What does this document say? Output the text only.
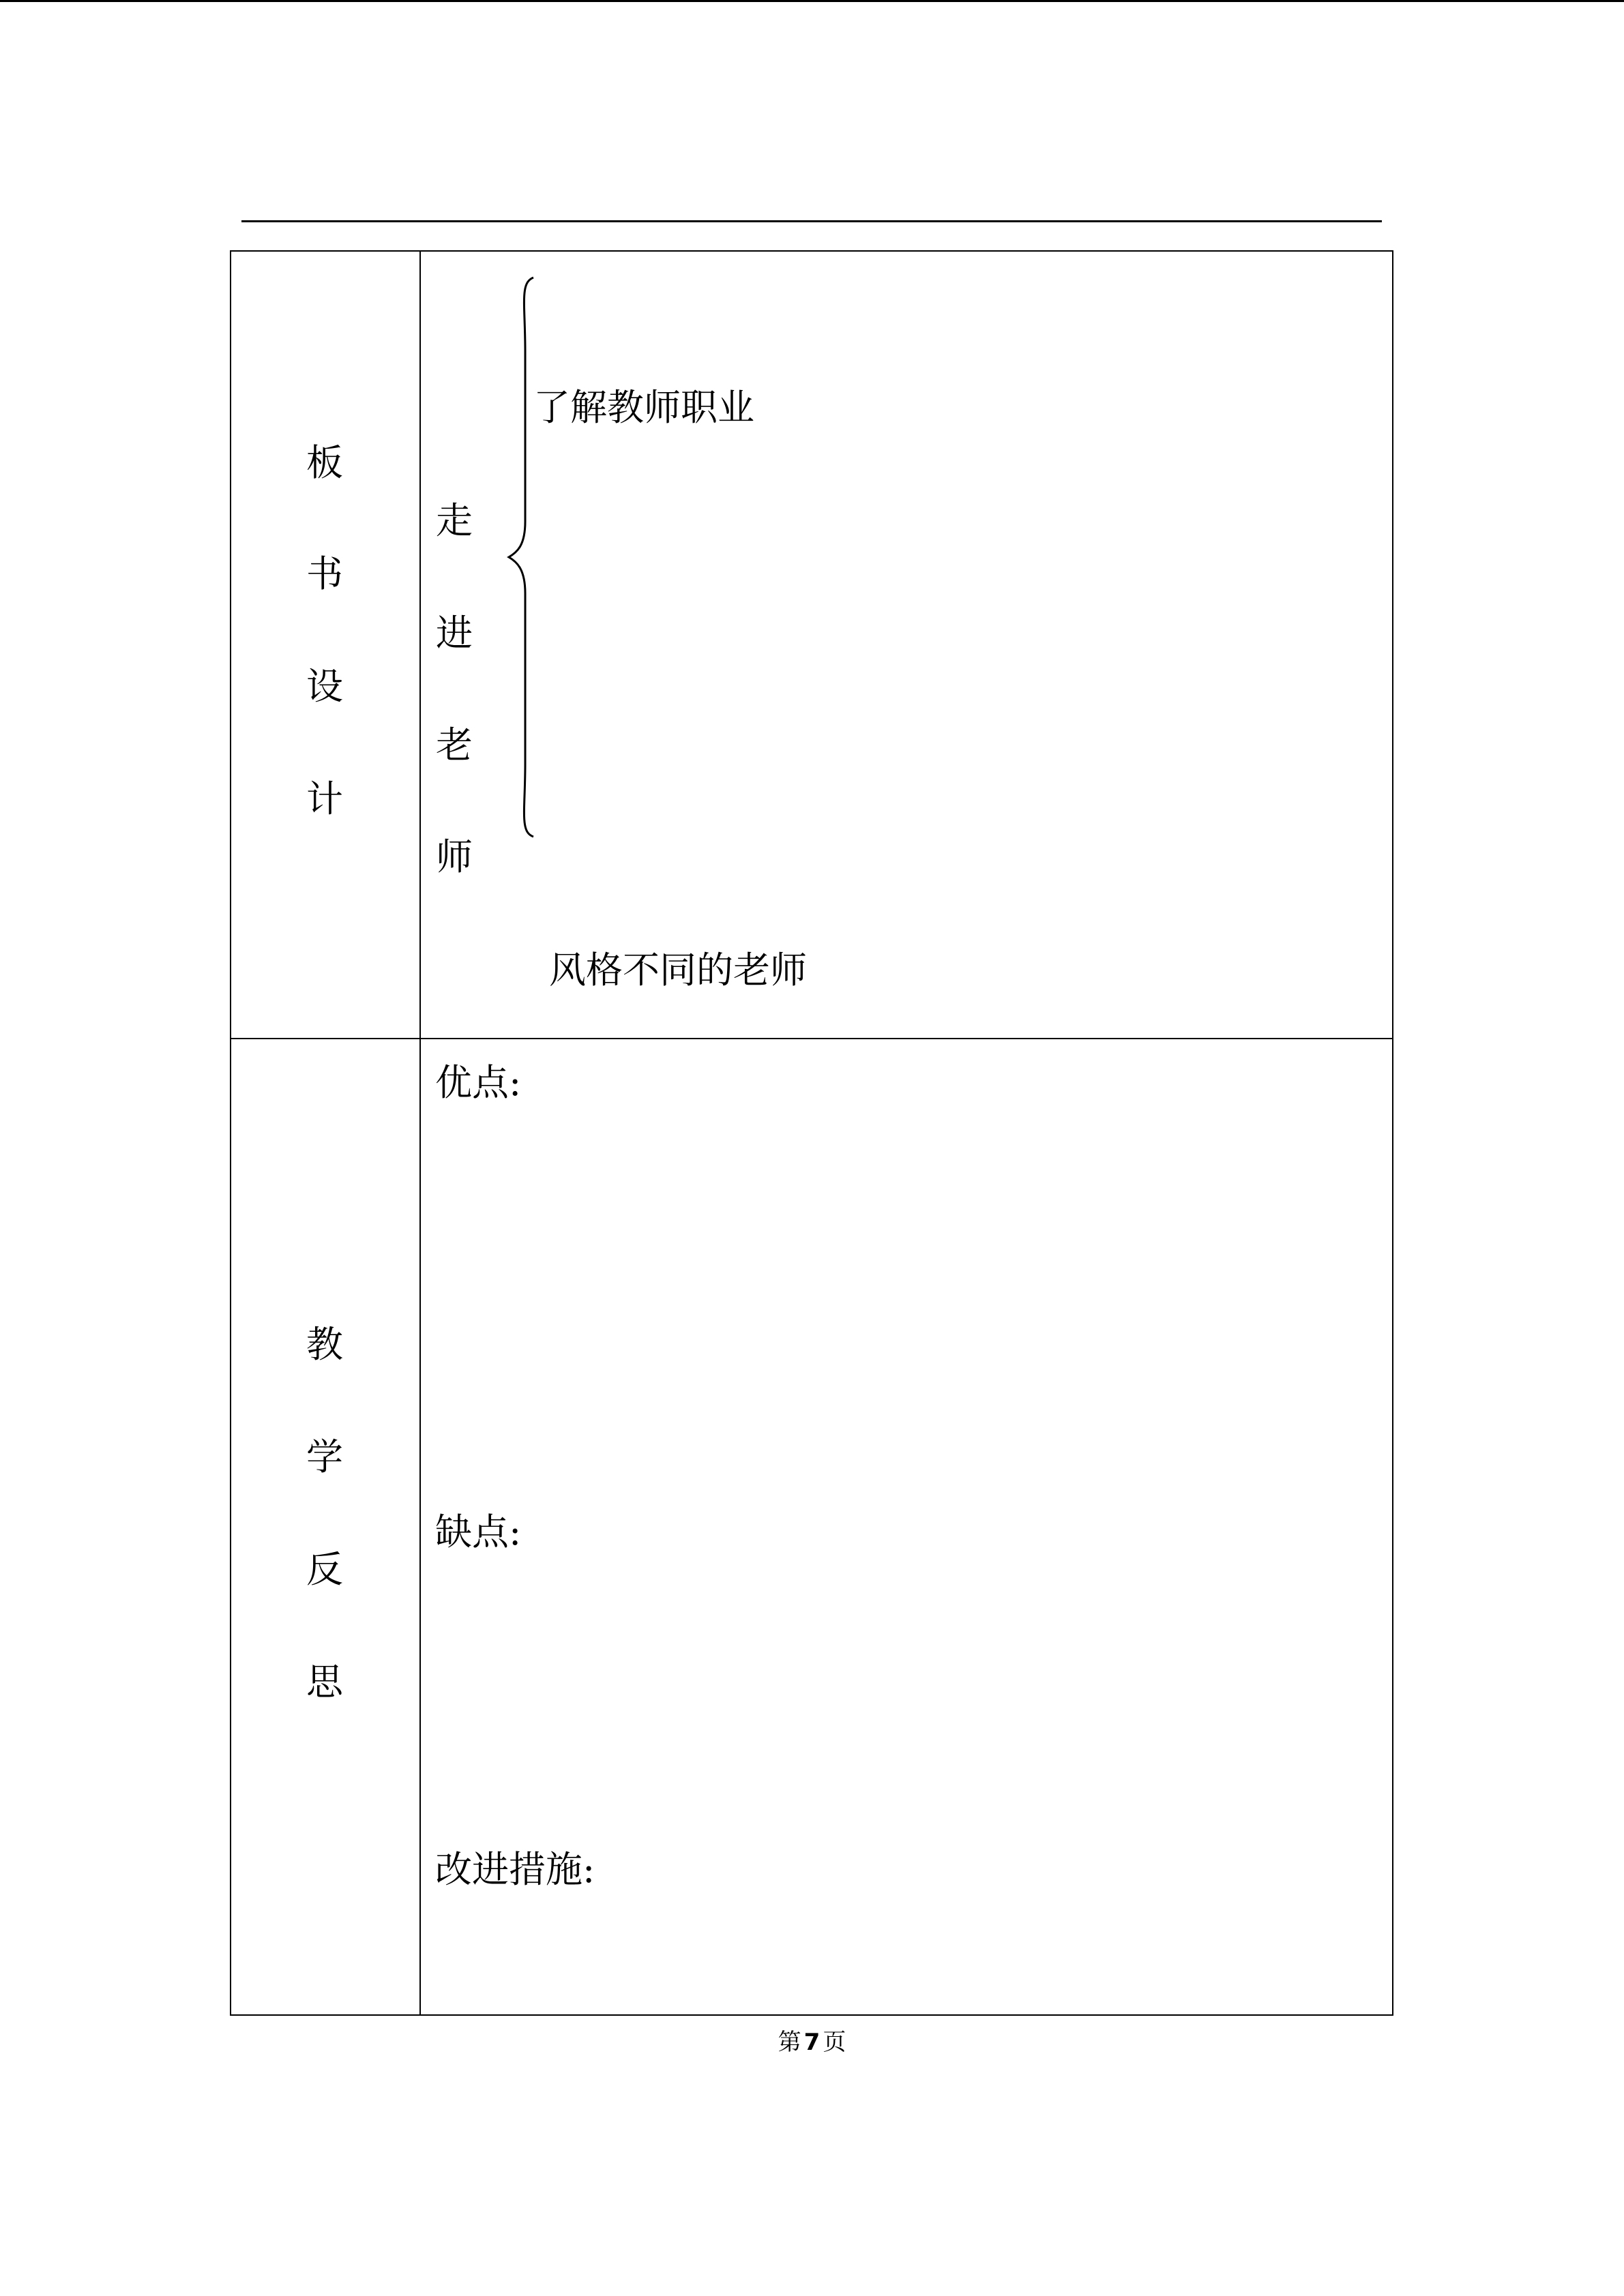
板
书
设
计
走
进
老
师
了解教师职业
风格不同的老师
教
学
反
思
优点:
缺点:
改进措施:
第 7 页
